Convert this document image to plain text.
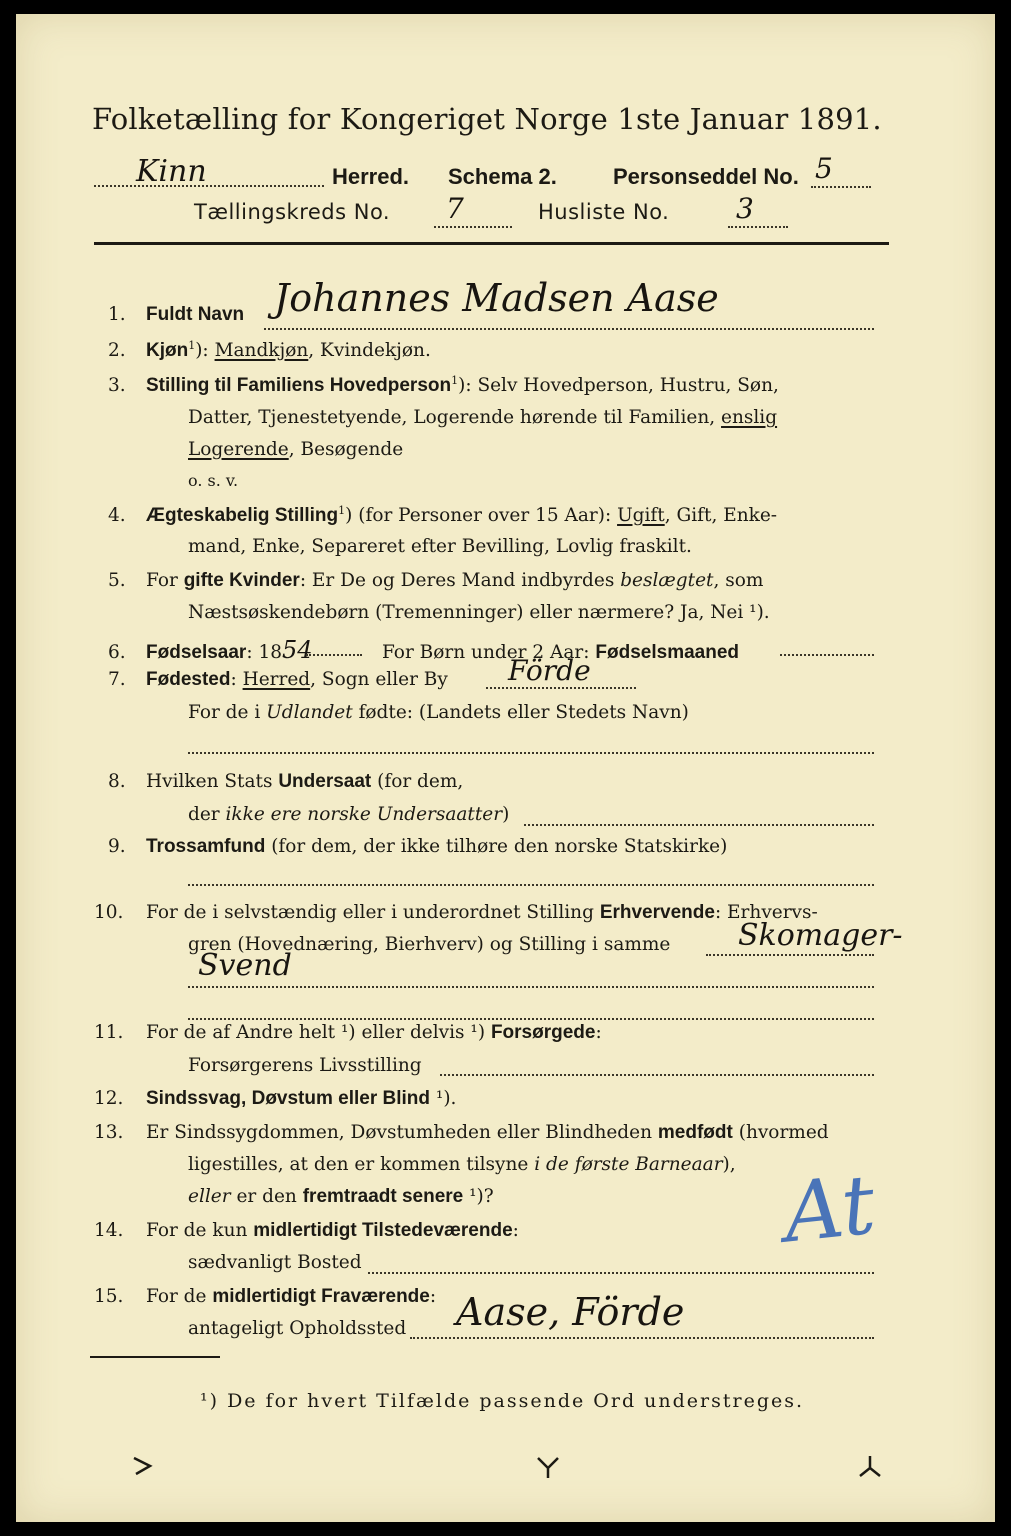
Folketælling for Kongeriget Norge 1ste Januar 1891.
Kinn	Herred. Schema 2.	Personseddel No. 5
Tællingskreds No. 7	Husliste No. 3
1. Fuldt Navn Johannes Madsen Aase
2. Kjøn$^1$): Mandkjøn, Kvindekjøn.
3. Stilling til Familiens Hovedperson$^1$): Selv Hovedperson, Hustru, Søn,
Datter, Tjenestetyende, Logerende hørende til Familien, enslig
Logerende, Besøgende
o. s. v.
4. Ægteskabelig Stilling$^1$) (for Personer over 15 Aar): Ugift, Gift, Enke-
mand, Enke, Separeret efter Bevilling, Lovlig fraskilt.
5. For gifte Kvinder: Er De og Deres Mand indbyrdes beslægtet, som
Næstsøskendebørn (Tremenninger) eller nærmere? Ja, Nei ¹).
6. Fødselsaar: 1854	For Børn under 2 Aar: Fødselsmaaned
7. Fødested: Herred, Sogn eller By Förde
For de i Udlandet fødte: (Landets eller Stedets Navn)
8. Hvilken Stats Undersaat (for dem,
der ikke ere norske Undersaatter)
9. Trossamfund (for dem, der ikke tilhøre den norske Statskirke)
10. For de i selvstændig eller i underordnet Stilling Erhvervende: Erhvervs-
gren (Hovednæring, Bierhverv) og Stilling i samme Skomager-
Svend
11. For de af Andre helt ¹) eller delvis ¹) Forsørgede:
Forsørgerens Livsstilling
12. Sindssvag, Døvstum eller Blind ¹).
13. Er Sindssygdommen, Døvstumheden eller Blindheden medfødt (hvormed
ligestilles, at den er kommen tilsyne i de første Barneaar),
eller er den fremtraadt senere ¹)?	At
14. For de kun midlertidigt Tilstedeværende:
sædvanligt Bosted
15. For de midlertidigt Fraværende:
antageligt Opholdssted Aase, Förde
¹) De for hvert Tilfælde passende Ord understreges.
